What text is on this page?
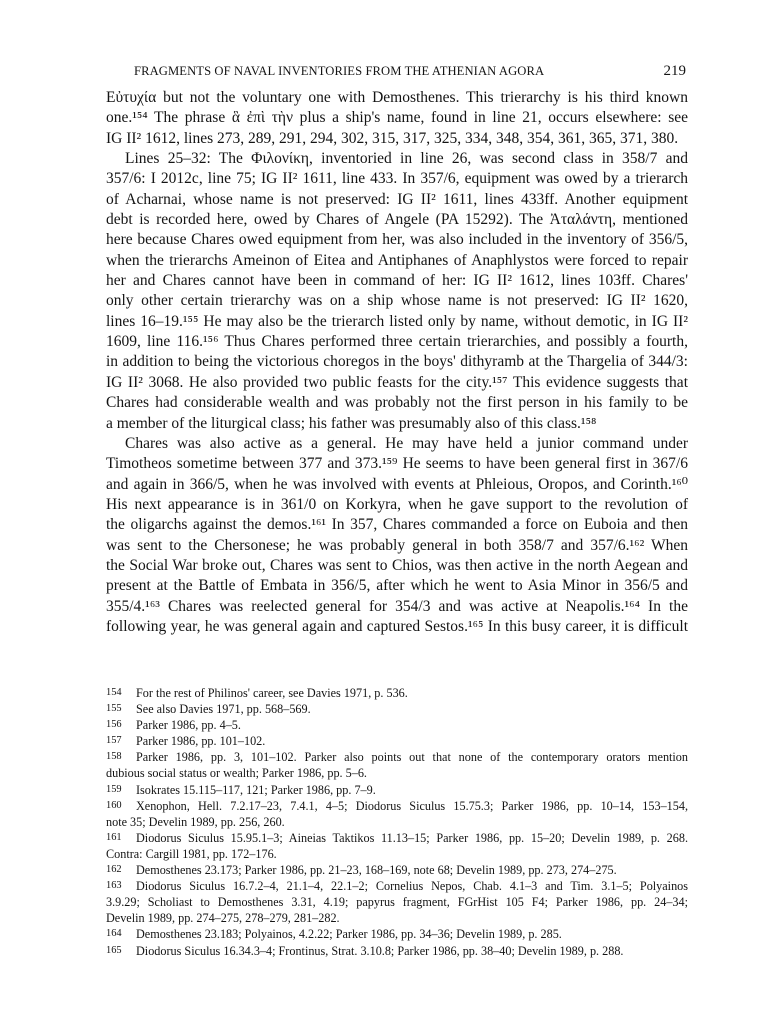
FRAGMENTS OF NAVAL INVENTORIES FROM THE ATHENIAN AGORA	219

Εὐτυχία but not the voluntary one with Demosthenes. This trierarchy is his third known
one.¹⁵⁴ The phrase ἃ ἐπὶ τὴν plus a ship's name, found in line 21, occurs elsewhere: see
IG II² 1612, lines 273, 289, 291, 294, 302, 315, 317, 325, 334, 348, 354, 361, 365, 371, 380.

Lines 25–32: The Φιλονίκη, inventoried in line 26, was second class in 358/7 and
357/6: I 2012c, line 75; IG II² 1611, line 433. In 357/6, equipment was owed by a trierarch
of Acharnai, whose name is not preserved: IG II² 1611, lines 433ff. Another equipment
debt is recorded here, owed by Chares of Angele (PA 15292). The Ἀταλάντη, mentioned
here because Chares owed equipment from her, was also included in the inventory of 356/5,
when the trierarchs Ameinon of Eitea and Antiphanes of Anaphlystos were forced to repair
her and Chares cannot have been in command of her: IG II² 1612, lines 103ff. Chares'
only other certain trierarchy was on a ship whose name is not preserved: IG II² 1620,
lines 16–19.¹⁵⁵ He may also be the trierarch listed only by name, without demotic, in IG II²
1609, line 116.¹⁵⁶ Thus Chares performed three certain trierarchies, and possibly a fourth,
in addition to being the victorious choregos in the boys' dithyramb at the Thargelia of 344/3:
IG II² 3068. He also provided two public feasts for the city.¹⁵⁷ This evidence suggests that
Chares had considerable wealth and was probably not the first person in his family to be
a member of the liturgical class; his father was presumably also of this class.¹⁵⁸

Chares was also active as a general. He may have held a junior command under
Timotheos sometime between 377 and 373.¹⁵⁹ He seems to have been general first in 367/6
and again in 366/5, when he was involved with events at Phleious, Oropos, and Corinth.¹⁶⁰
His next appearance is in 361/0 on Korkyra, when he gave support to the revolution of
the oligarchs against the demos.¹⁶¹ In 357, Chares commanded a force on Euboia and then
was sent to the Chersonese; he was probably general in both 358/7 and 357/6.¹⁶² When
the Social War broke out, Chares was sent to Chios, was then active in the north Aegean and
present at the Battle of Embata in 356/5, after which he went to Asia Minor in 356/5 and
355/4.¹⁶³ Chares was reelected general for 354/3 and was active at Neapolis.¹⁶⁴ In the
following year, he was general again and captured Sestos.¹⁶⁵ In this busy career, it is difficult

154 For the rest of Philinos' career, see Davies 1971, p. 536.
155 See also Davies 1971, pp. 568–569.
156 Parker 1986, pp. 4–5.
157 Parker 1986, pp. 101–102.
158 Parker 1986, pp. 3, 101–102. Parker also points out that none of the contemporary orators mention
dubious social status or wealth; Parker 1986, pp. 5–6.
159 Isokrates 15.115–117, 121; Parker 1986, pp. 7–9.
160 Xenophon, Hell. 7.2.17–23, 7.4.1, 4–5; Diodorus Siculus 15.75.3; Parker 1986, pp. 10–14, 153–154,
note 35; Develin 1989, pp. 256, 260.
161 Diodorus Siculus 15.95.1–3; Aineias Taktikos 11.13–15; Parker 1986, pp. 15–20; Develin 1989, p. 268.
Contra: Cargill 1981, pp. 172–176.
162 Demosthenes 23.173; Parker 1986, pp. 21–23, 168–169, note 68; Develin 1989, pp. 273, 274–275.
163 Diodorus Siculus 16.7.2–4, 21.1–4, 22.1–2; Cornelius Nepos, Chab. 4.1–3 and Tim. 3.1–5; Polyainos
3.9.29; Scholiast to Demosthenes 3.31, 4.19; papyrus fragment, FGrHist 105 F4; Parker 1986, pp. 24–34;
Develin 1989, pp. 274–275, 278–279, 281–282.
164 Demosthenes 23.183; Polyainos, 4.2.22; Parker 1986, pp. 34–36; Develin 1989, p. 285.
165 Diodorus Siculus 16.34.3–4; Frontinus, Strat. 3.10.8; Parker 1986, pp. 38–40; Develin 1989, p. 288.
